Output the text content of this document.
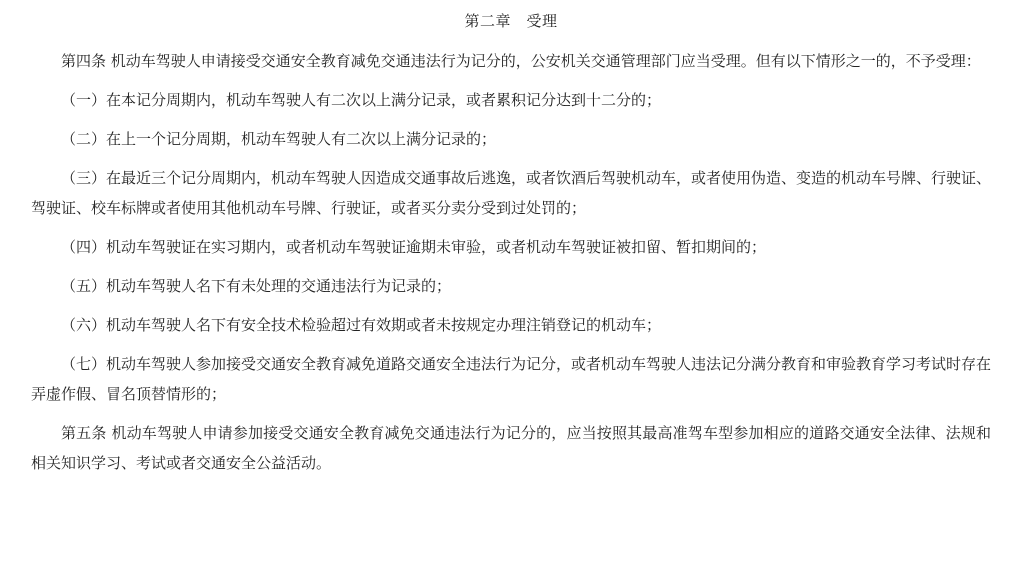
第二章　受理

第四条 机动车驾驶人申请接受交通安全教育减免交通违法行为记分的，公安机关交通管理部门应当受理。但有以下情形之一的，不予受理：

（一）在本记分周期内，机动车驾驶人有二次以上满分记录，或者累积记分达到十二分的；

（二）在上一个记分周期，机动车驾驶人有二次以上满分记录的；

（三）在最近三个记分周期内，机动车驾驶人因造成交通事故后逃逸，或者饮酒后驾驶机动车，或者使用伪造、变造的机动车号牌、行驶证、驾驶证、校车标牌或者使用其他机动车号牌、行驶证，或者买分卖分受到过处罚的；

（四）机动车驾驶证在实习期内，或者机动车驾驶证逾期未审验，或者机动车驾驶证被扣留、暂扣期间的；

（五）机动车驾驶人名下有未处理的交通违法行为记录的；

（六）机动车驾驶人名下有安全技术检验超过有效期或者未按规定办理注销登记的机动车；

（七）机动车驾驶人参加接受交通安全教育减免道路交通安全违法行为记分，或者机动车驾驶人违法记分满分教育和审验教育学习考试时存在弄虚作假、冒名顶替情形的；

第五条 机动车驾驶人申请参加接受交通安全教育减免交通违法行为记分的，应当按照其最高准驾车型参加相应的道路交通安全法律、法规和相关知识学习、考试或者交通安全公益活动。
